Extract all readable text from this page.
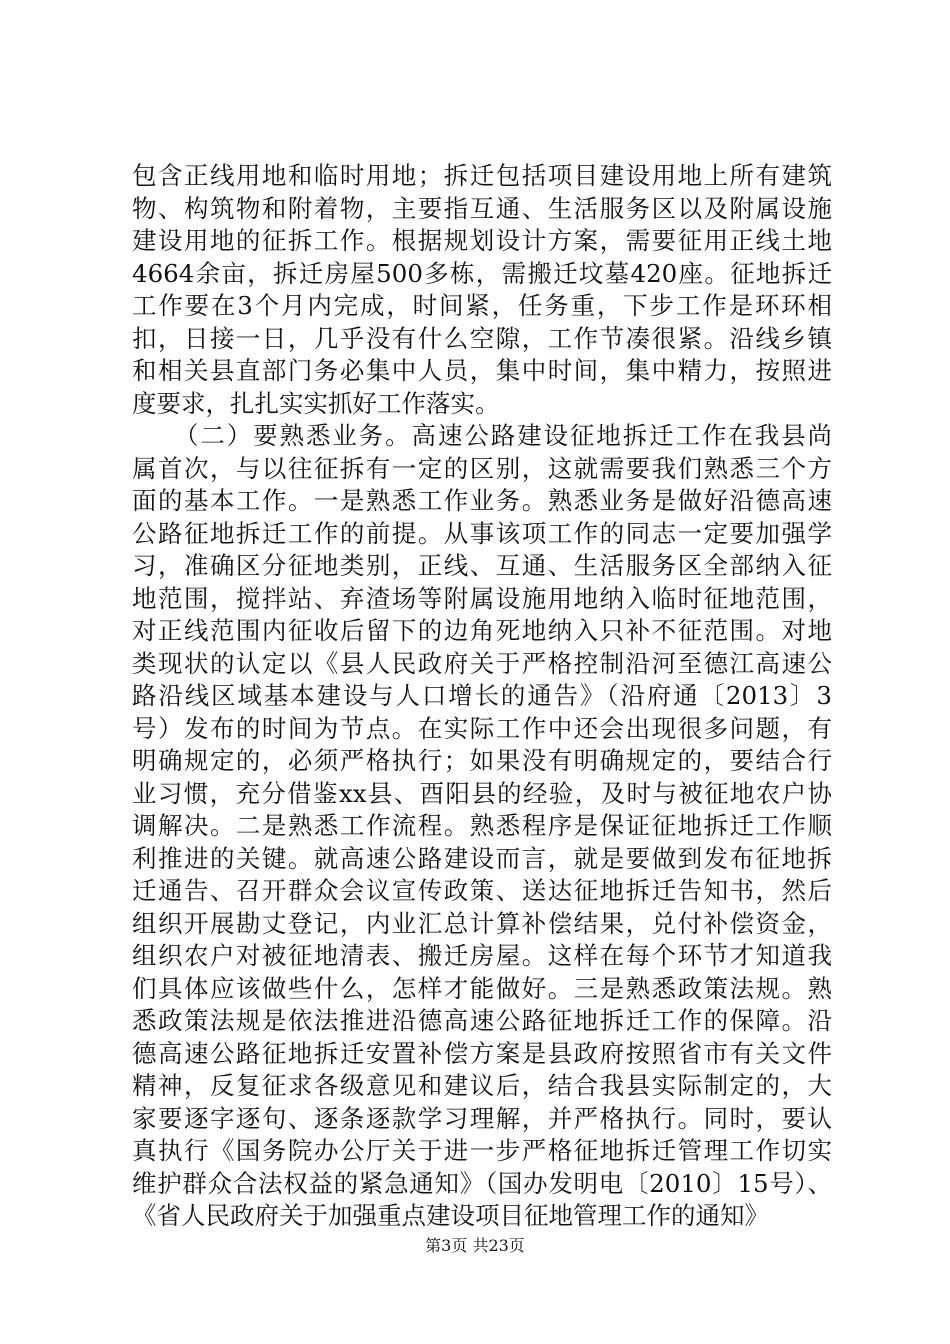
包含正线用地和临时用地；拆迁包括项目建设用地上所有建筑
物、构筑物和附着物，主要指互通、生活服务区以及附属设施
建设用地的征拆工作。根据规划设计方案，需要征用正线土地
4664余亩，拆迁房屋500多栋，需搬迁坟墓420座。征地拆迁
工作要在3个月内完成，时间紧，任务重，下步工作是环环相
扣，日接一日，几乎没有什么空隙，工作节凑很紧。沿线乡镇
和相关县直部门务必集中人员，集中时间，集中精力，按照进
度要求，扎扎实实抓好工作落实。
（二）要熟悉业务。高速公路建设征地拆迁工作在我县尚
属首次，与以往征拆有一定的区别，这就需要我们熟悉三个方
面的基本工作。一是熟悉工作业务。熟悉业务是做好沿德高速
公路征地拆迁工作的前提。从事该项工作的同志一定要加强学
习，准确区分征地类别，正线、互通、生活服务区全部纳入征
地范围，搅拌站、弃渣场等附属设施用地纳入临时征地范围，
对正线范围内征收后留下的边角死地纳入只补不征范围。对地
类现状的认定以《县人民政府关于严格控制沿河至德江高速公
路沿线区域基本建设与人口增长的通告》（沿府通〔2013〕3
号）发布的时间为节点。在实际工作中还会出现很多问题，有
明确规定的，必须严格执行；如果没有明确规定的，要结合行
业习惯，充分借鉴xx县、酉阳县的经验，及时与被征地农户协
调解决。二是熟悉工作流程。熟悉程序是保证征地拆迁工作顺
利推进的关键。就高速公路建设而言，就是要做到发布征地拆
迁通告、召开群众会议宣传政策、送达征地拆迁告知书，然后
组织开展勘丈登记，内业汇总计算补偿结果，兑付补偿资金，
组织农户对被征地清表、搬迁房屋。这样在每个环节才知道我
们具体应该做些什么，怎样才能做好。三是熟悉政策法规。熟
悉政策法规是依法推进沿德高速公路征地拆迁工作的保障。沿
德高速公路征地拆迁安置补偿方案是县政府按照省市有关文件
精神，反复征求各级意见和建议后，结合我县实际制定的，大
家要逐字逐句、逐条逐款学习理解，并严格执行。同时，要认
真执行《国务院办公厅关于进一步严格征地拆迁管理工作切实
维护群众合法权益的紧急通知》（国办发明电〔2010〕15号）、
《省人民政府关于加强重点建设项目征地管理工作的通知》
第3页 共23页
